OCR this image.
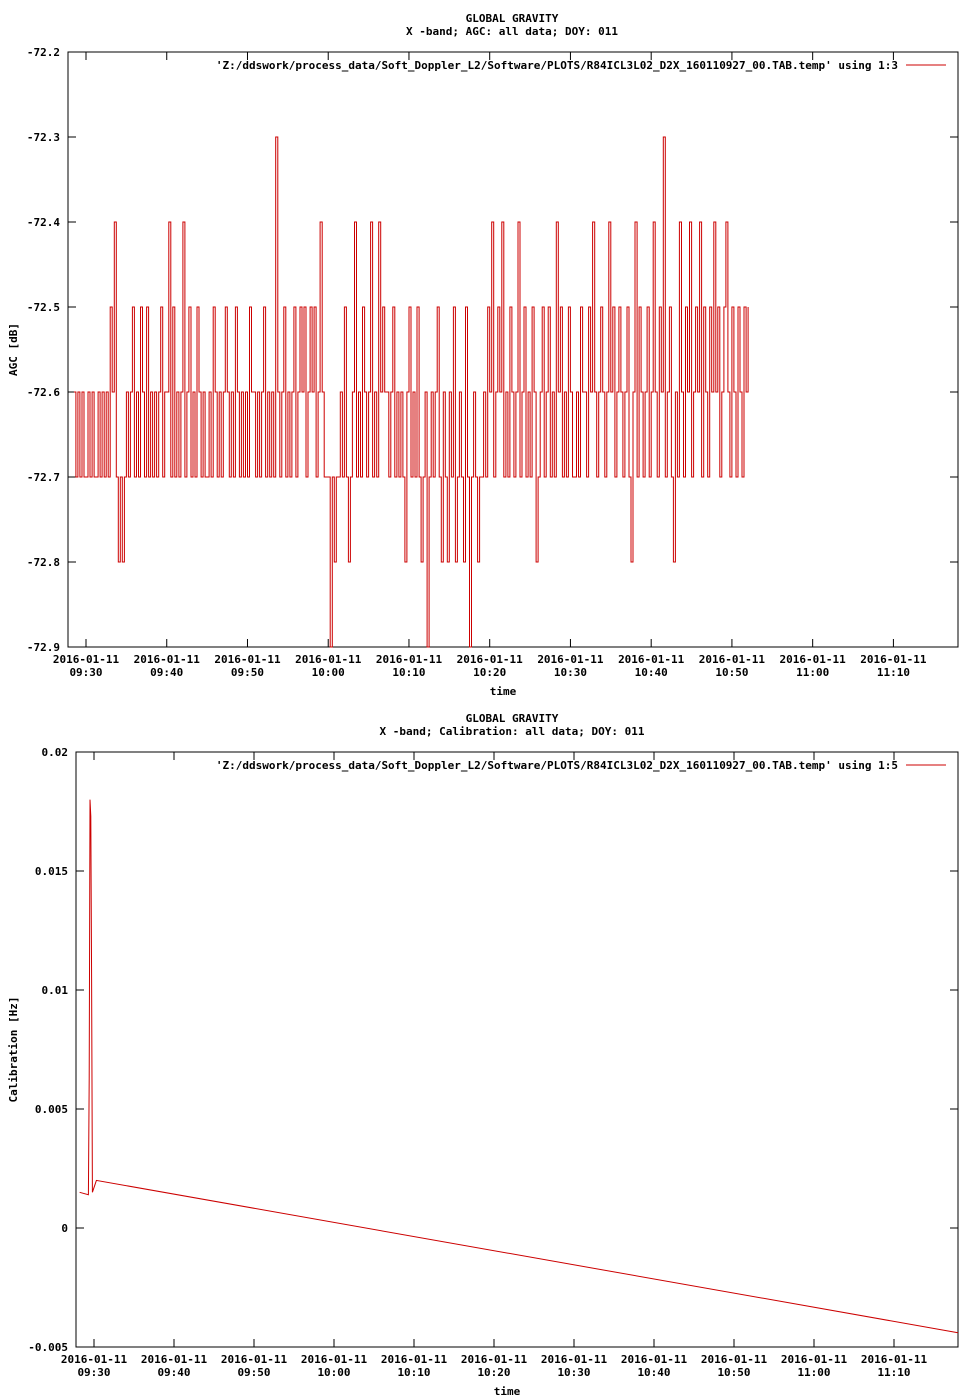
GLOBAL GRAVITY
X -band; AGC: all data; DOY: 011
-72.2
-72.3
-72.4
-72.5
-72.6
-72.7
-72.8
-72.9
2016-01-11
09:30
2016-01-11
09:40
2016-01-11
09:50
2016-01-11
10:00
2016-01-11
10:10
2016-01-11
10:20
2016-01-11
10:30
2016-01-11
10:40
2016-01-11
10:50
2016-01-11
11:00
2016-01-11
11:10
time
AGC [dB]
'Z:/ddswork/process_data/Soft_Doppler_L2/Software/PLOTS/R84ICL3L02_D2X_160110927_00.TAB.temp' using 1:3
GLOBAL GRAVITY
X -band; Calibration: all data; DOY: 011
0.02
0.015
0.01
0.005
0
-0.005
2016-01-11
09:30
2016-01-11
09:40
2016-01-11
09:50
2016-01-11
10:00
2016-01-11
10:10
2016-01-11
10:20
2016-01-11
10:30
2016-01-11
10:40
2016-01-11
10:50
2016-01-11
11:00
2016-01-11
11:10
time
Calibration [Hz]
'Z:/ddswork/process_data/Soft_Doppler_L2/Software/PLOTS/R84ICL3L02_D2X_160110927_00.TAB.temp' using 1:5
